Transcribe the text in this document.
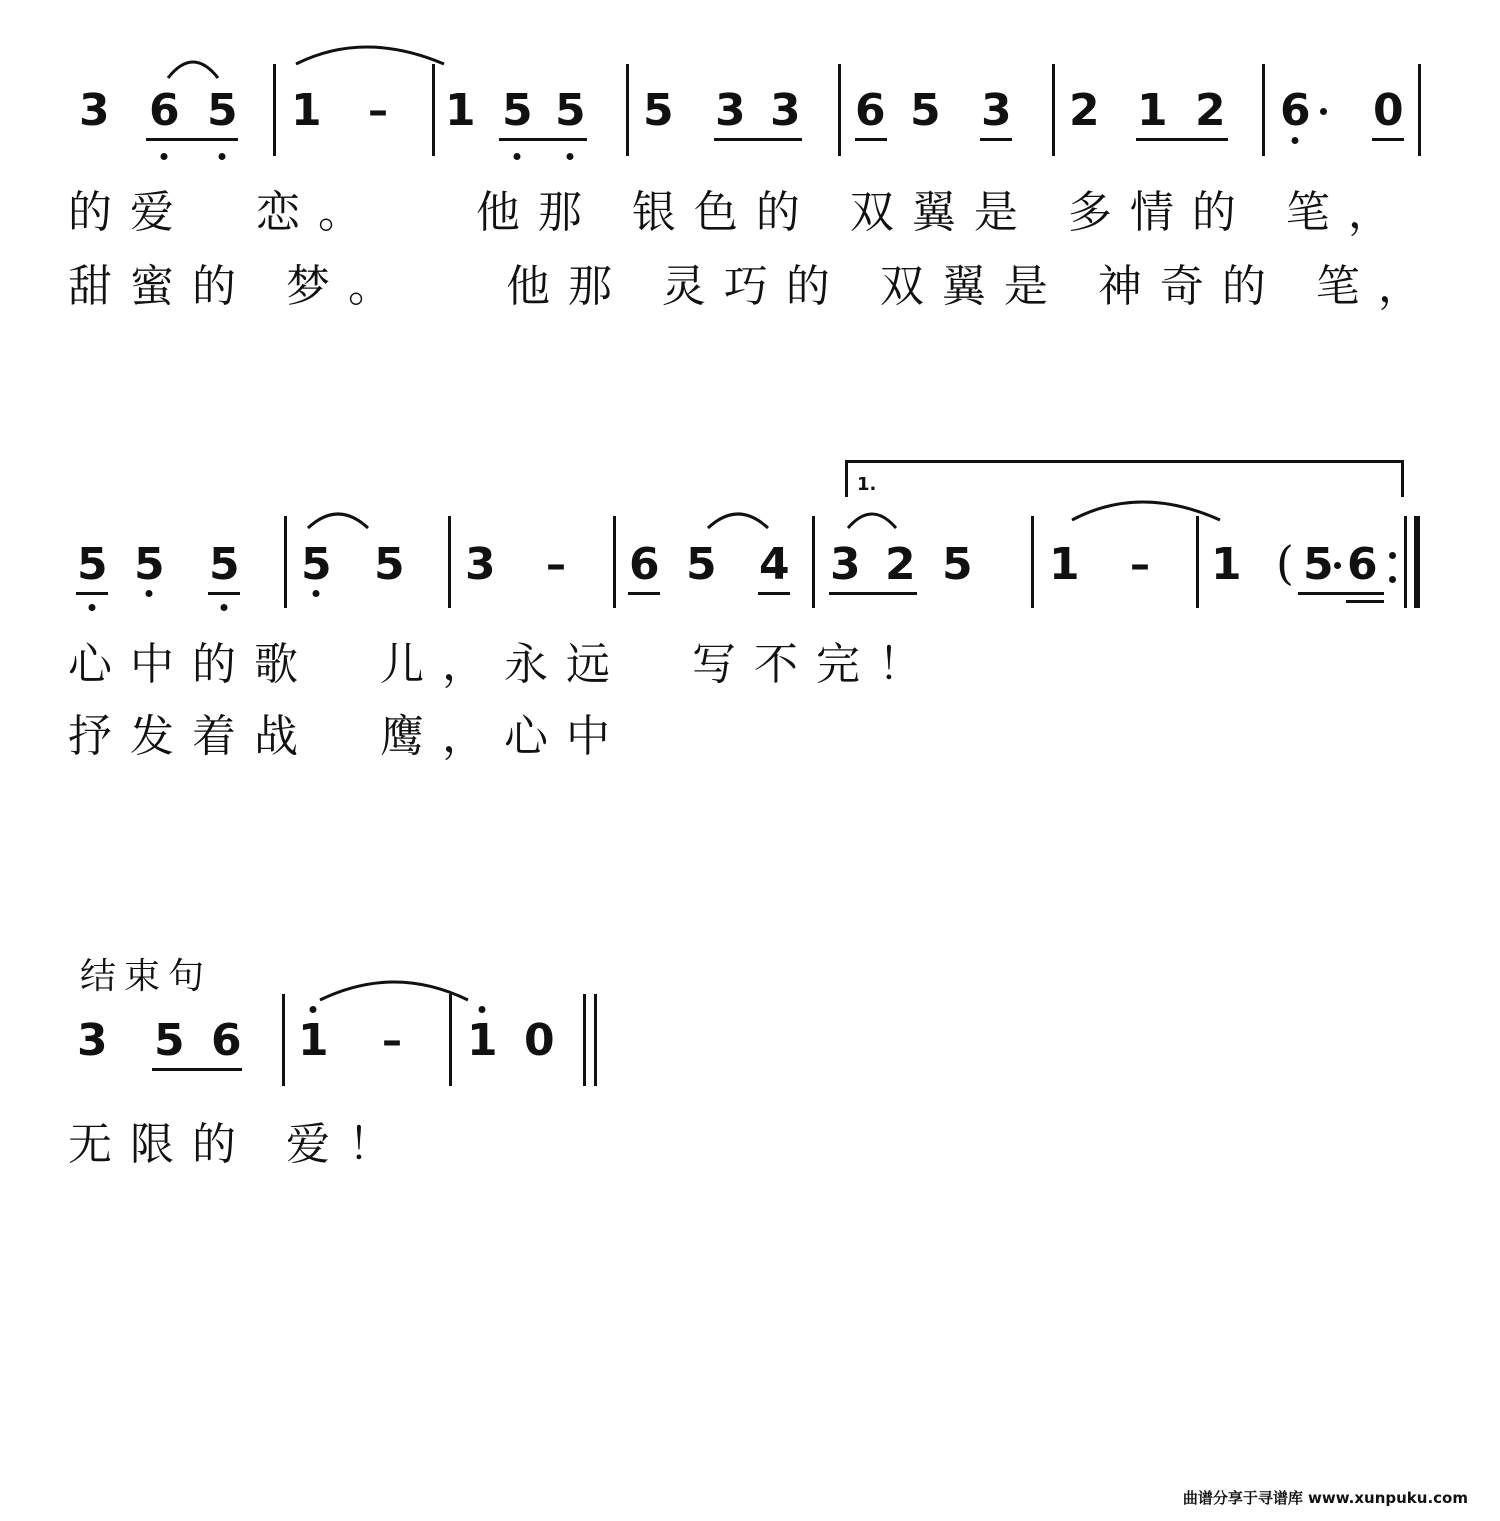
3 6 5 1 – 1 5 5 5 3 3 6 5 3 2 1 2 6 0
的爱  恋。   他那 银色的 双翼是 多情的 笔，
甜蜜的 梦。   他那 灵巧的 双翼是 神奇的 笔，
1.
5 5 5 5 5 3 – 6 5 4 3 2 5 1 – 1 ( 5 6
心中的歌  儿，永远  写不完！
抒发着战  鹰，心中
结束句
3 5 6 1 – 1 0
无限的 爱！
曲谱分享于寻谱库 www.xunpuku.com
